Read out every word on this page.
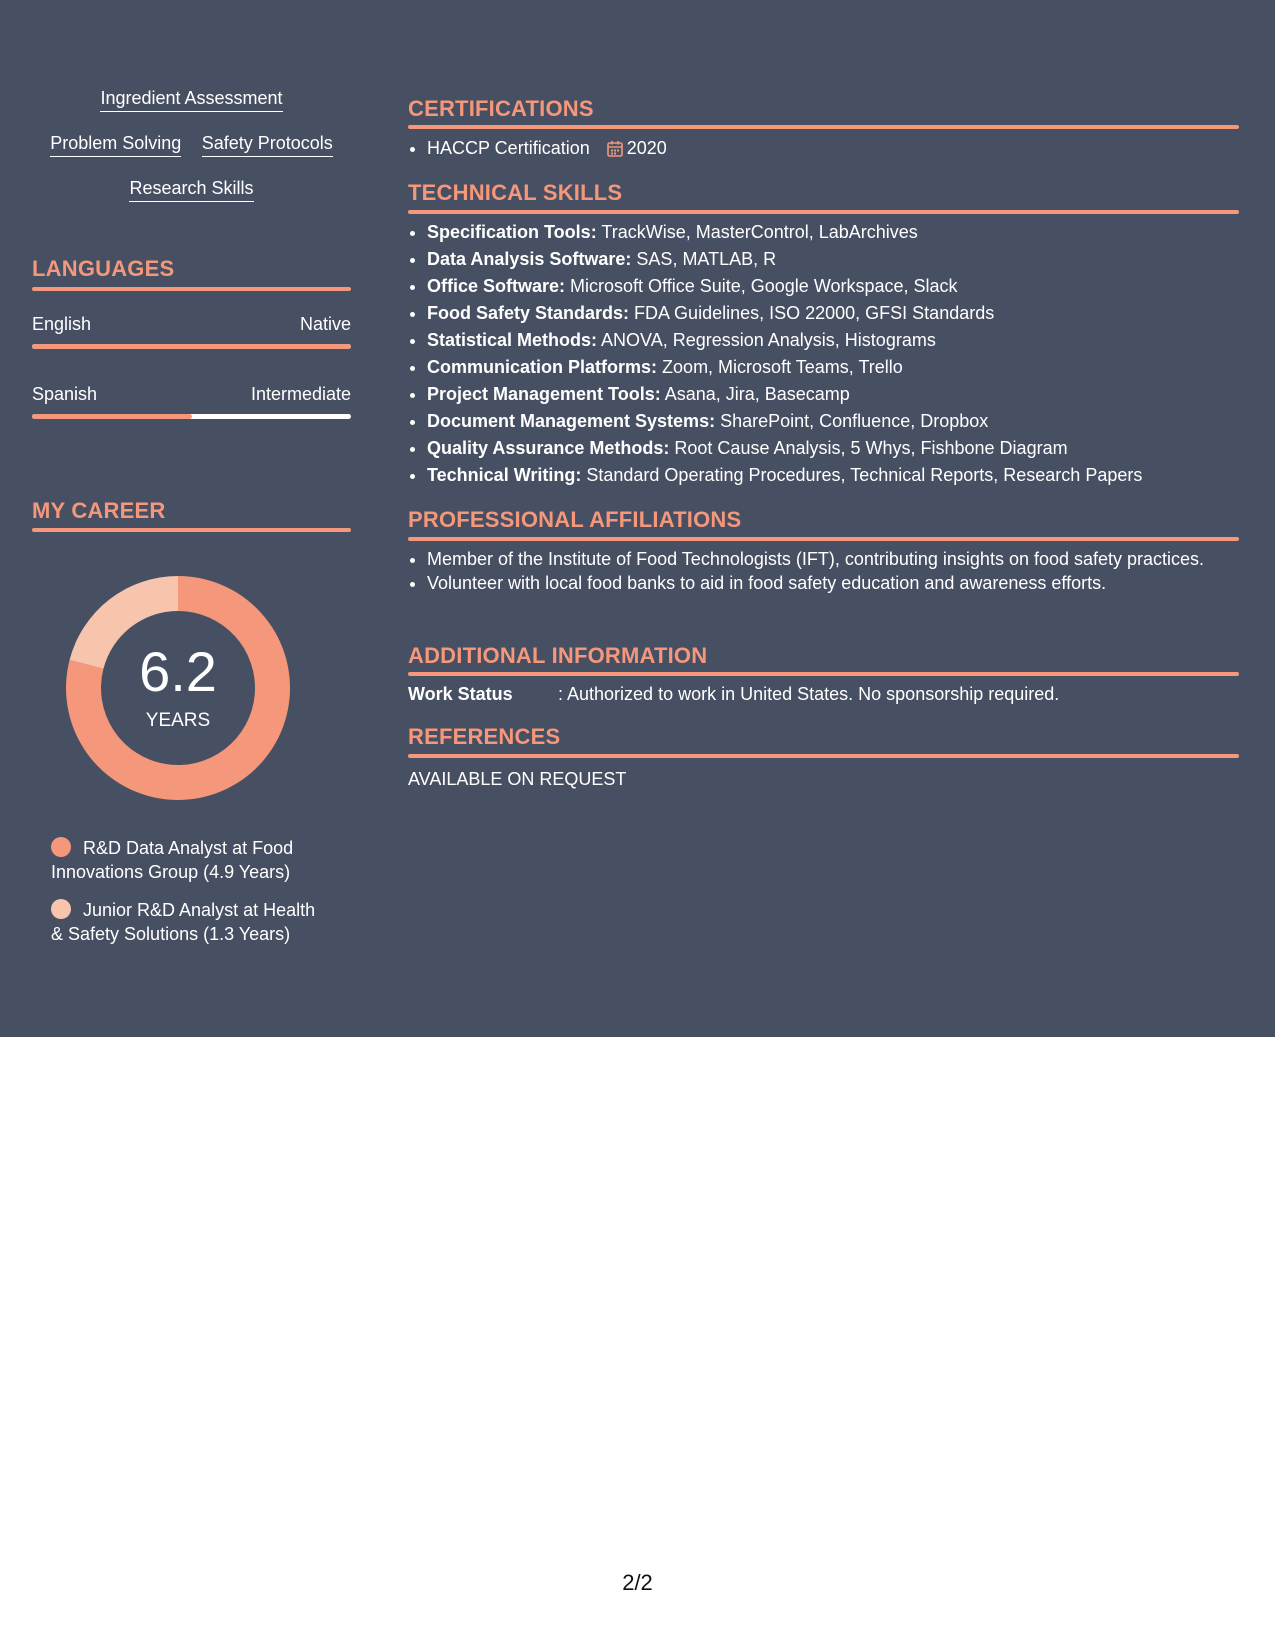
Ingredient Assessment
Problem Solving Safety Protocols
Research Skills
LANGUAGES
English	Native
Spanish	Intermediate
MY CAREER
6.2
YEARS
R&D Data Analyst at Food Innovations Group (4.9 Years)
Junior R&D Analyst at Health & Safety Solutions (1.3 Years)
CERTIFICATIONS
• HACCP Certification 2020
TECHNICAL SKILLS
• Specification Tools: TrackWise, MasterControl, LabArchives
• Data Analysis Software: SAS, MATLAB, R
• Office Software: Microsoft Office Suite, Google Workspace, Slack
• Food Safety Standards: FDA Guidelines, ISO 22000, GFSI Standards
• Statistical Methods: ANOVA, Regression Analysis, Histograms
• Communication Platforms: Zoom, Microsoft Teams, Trello
• Project Management Tools: Asana, Jira, Basecamp
• Document Management Systems: SharePoint, Confluence, Dropbox
• Quality Assurance Methods: Root Cause Analysis, 5 Whys, Fishbone Diagram
• Technical Writing: Standard Operating Procedures, Technical Reports, Research Papers
PROFESSIONAL AFFILIATIONS
• Member of the Institute of Food Technologists (IFT), contributing insights on food safety practices.
• Volunteer with local food banks to aid in food safety education and awareness efforts.
ADDITIONAL INFORMATION
Work Status	: Authorized to work in United States. No sponsorship required.
REFERENCES
AVAILABLE ON REQUEST
2/2
